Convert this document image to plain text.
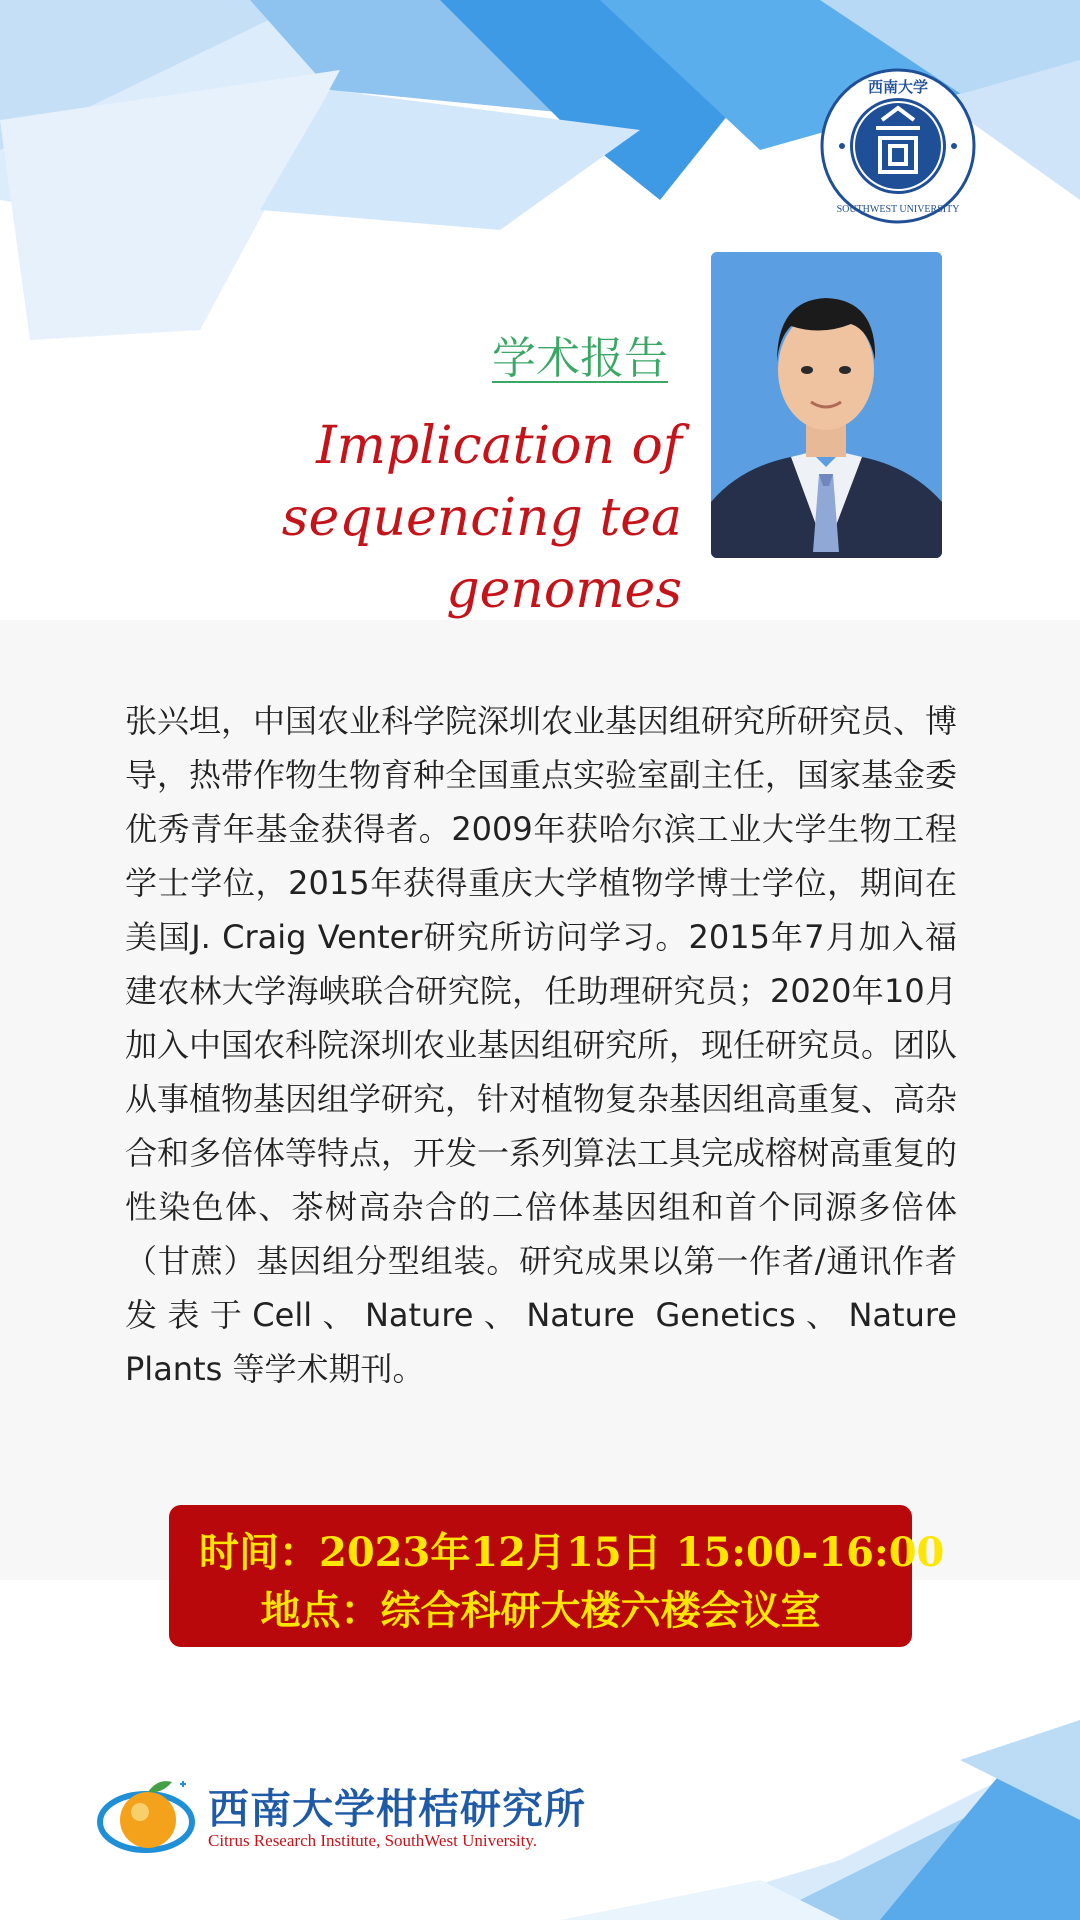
西南大学
SOUTHWEST UNIVERSITY
学术报告
Implication of
sequencing tea genomes

张兴坦，中国农业科学院深圳农业基因组研究所研究员、博导，热带作物生物育种全国重点实验室副主任，国家基金委优秀青年基金获得者。2009年获哈尔滨工业大学生物工程学士学位，2015年获得重庆大学植物学博士学位，期间在美国J. Craig Venter研究所访问学习。2015年7月加入福建农林大学海峡联合研究院，任助理研究员；2020年10月加入中国农科院深圳农业基因组研究所，现任研究员。团队从事植物基因组学研究，针对植物复杂基因组高重复、高杂合和多倍体等特点，开发一系列算法工具完成榕树高重复的性染色体、茶树高杂合的二倍体基因组和首个同源多倍体（甘蔗）基因组分型组装。研究成果以第一作者/通讯作者发表于Cell、Nature、Nature Genetics、Nature Plants 等学术期刊。

时间：2023年12月15日 15:00-16:00
地点：综合科研大楼六楼会议室
西南大学柑桔研究所
Citrus Research Institute, SouthWest University.
